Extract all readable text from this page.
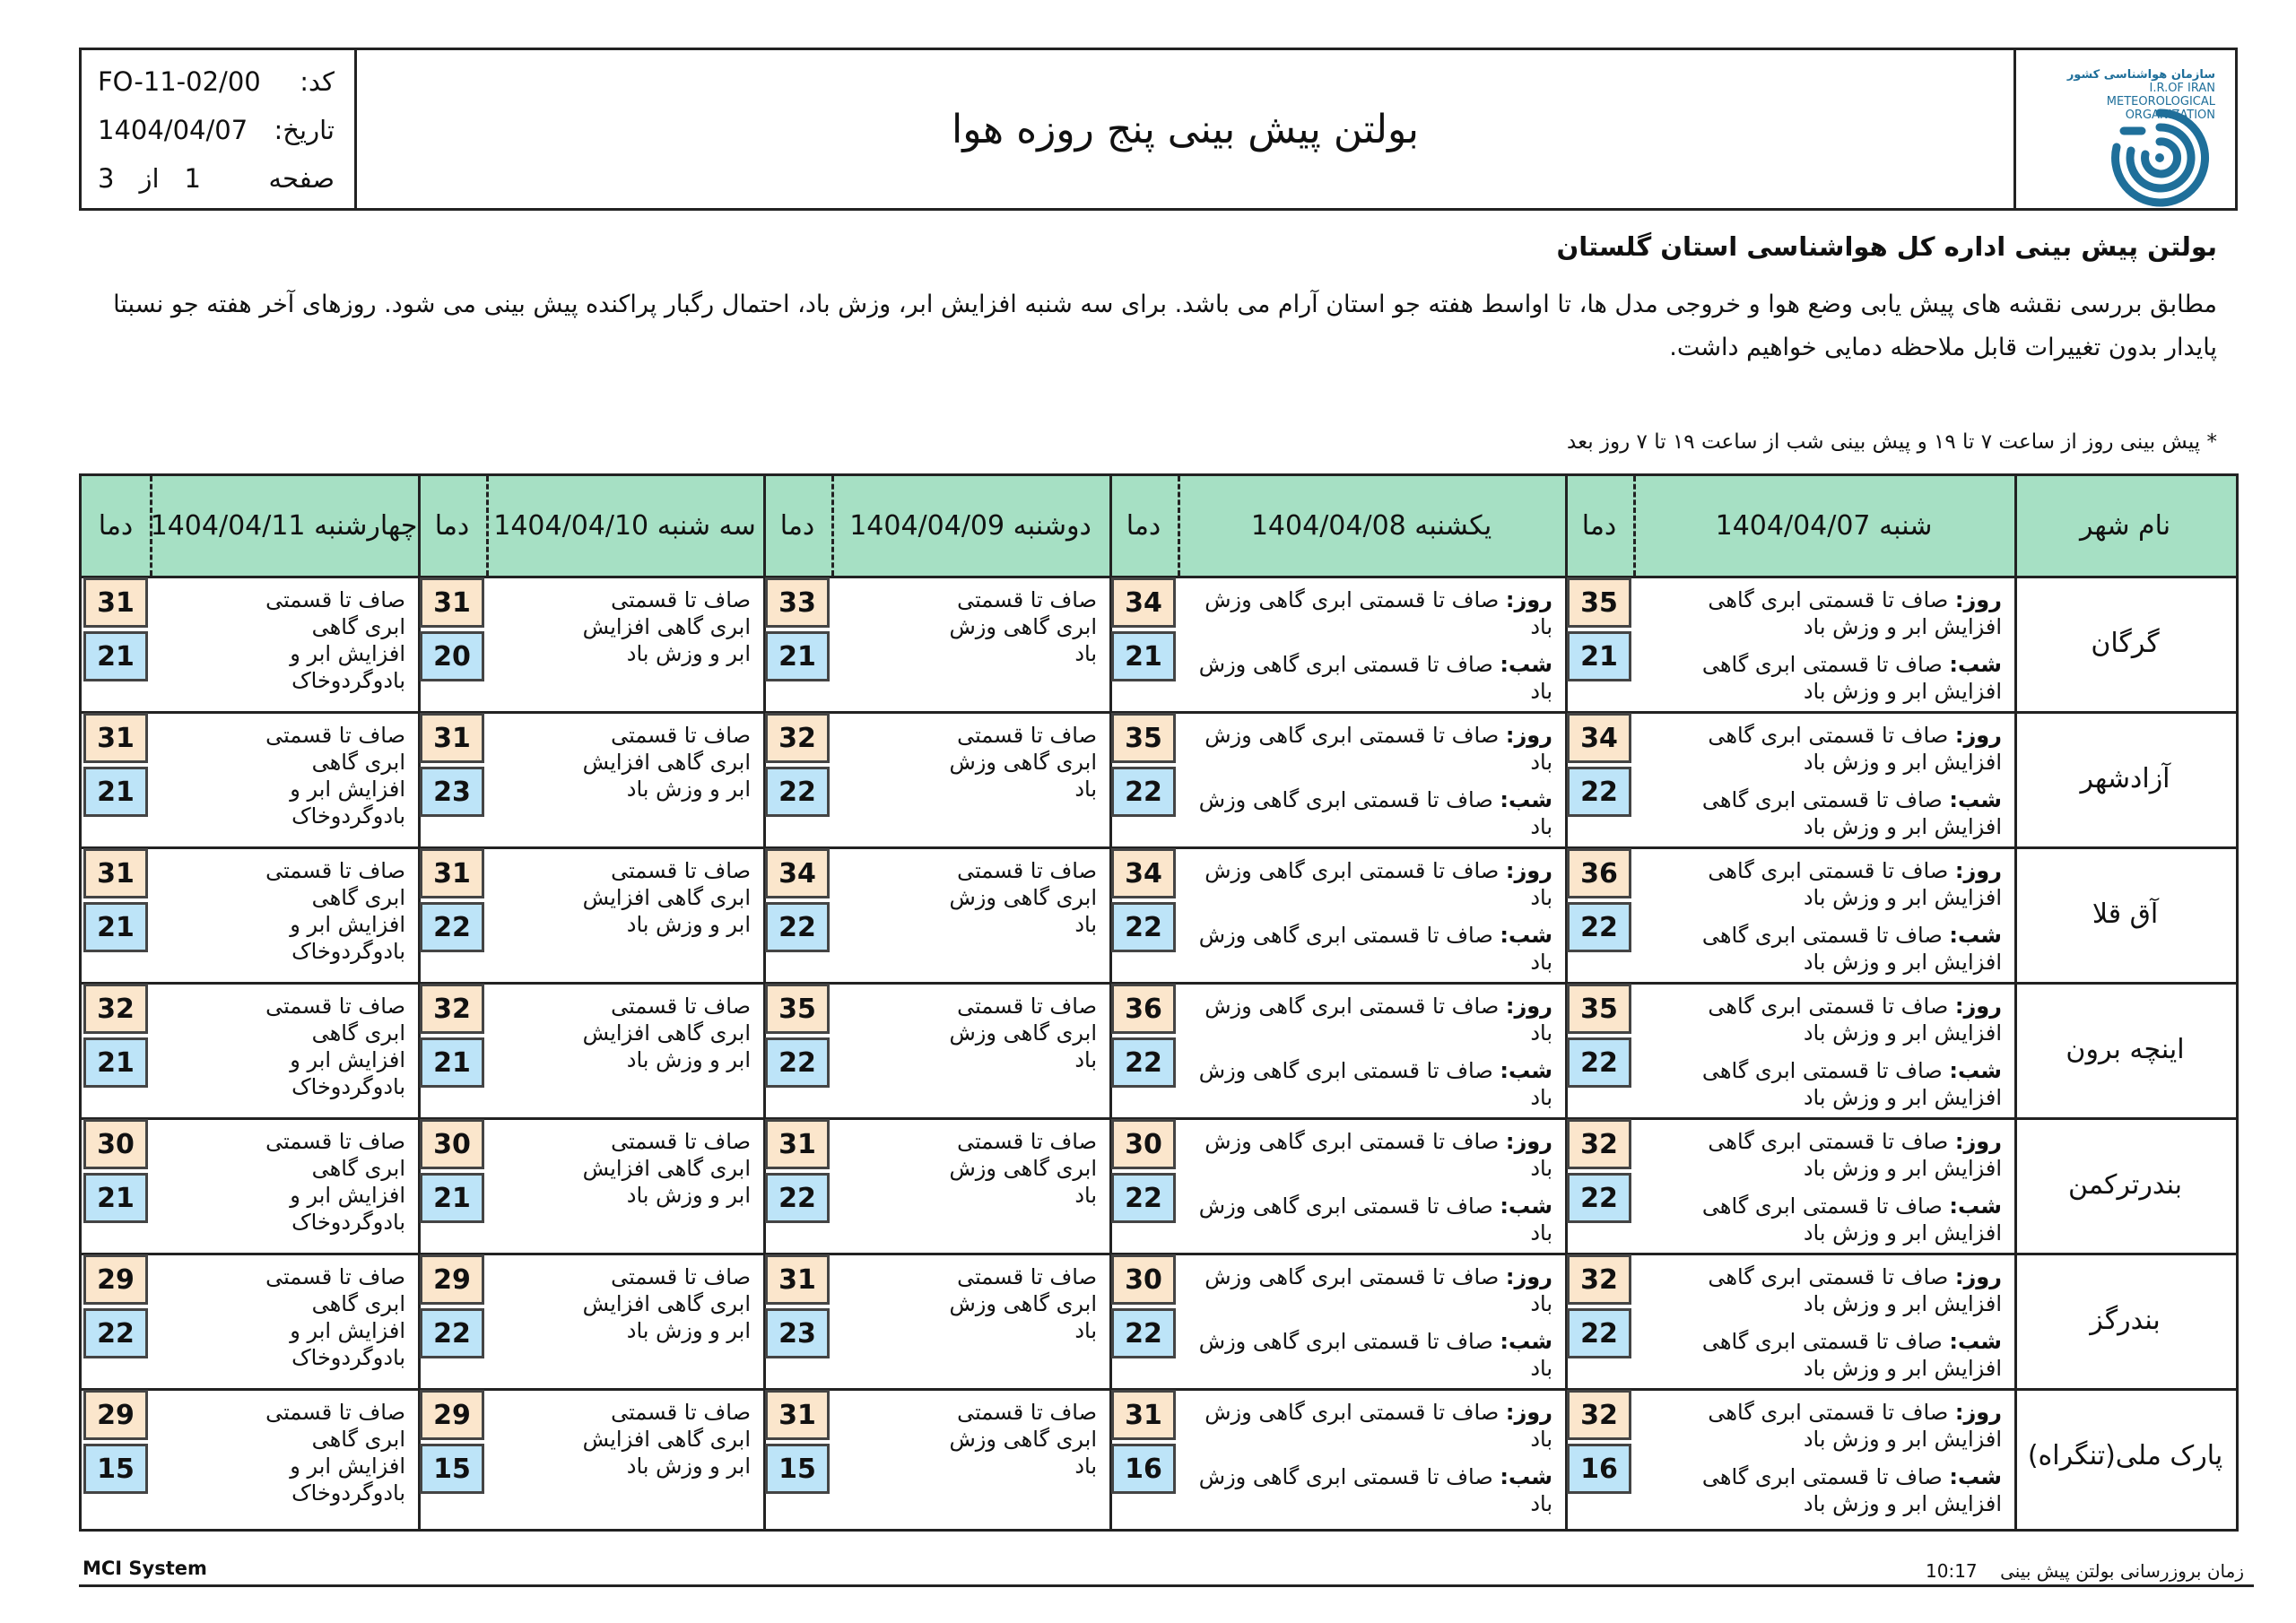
سازمان هواشناسی کشور
I.R.OF IRAN
METEOROLOGICAL
ORGANIZATION
بولتن پیش بینی پنج روزه هوا
کد:
FO-11-02/00
تاریخ:
1404/04/07
صفحه
1
از
3
بولتن پیش بینی اداره کل هواشناسی استان گلستان
مطابق بررسی نقشه های پیش یابی وضع هوا و خروجی مدل ها، تا اواسط هفته جو استان آرام می باشد. برای سه شنبه افزایش ابر، وزش باد، احتمال رگبار پراکنده پیش بینی می شود. روزهای آخر هفته جو نسبتا پایدار بدون تغییرات قابل ملاحظه دمایی خواهیم داشت.
* پیش بینی روز از ساعت ۷ تا ۱۹ و پیش بینی شب از ساعت ۱۹ تا ۷ روز بعد
نام شهر
شنبه 1404/04/07
دما
یکشنبه 1404/04/08
دما
دوشنبه 1404/04/09
دما
سه شنبه 1404/04/10
دما
چهارشنبه 1404/04/11
دما
گرگان
روز: صاف تا قسمتی ابری گاهی افزایش ابر و وزش باد
شب: صاف تا قسمتی ابری گاهی افزایش ابر و وزش باد
35
21
روز: صاف تا قسمتی ابری گاهی وزش باد
شب: صاف تا قسمتی ابری گاهی وزش باد
34
21
صاف تا قسمتی ابری گاهی وزش باد
33
21
صاف تا قسمتی ابری گاهی افزایش ابر و وزش باد
31
20
صاف تا قسمتی ابری گاهی افزایش ابر و بادوگردوخاک
31
21
آزادشهر
روز: صاف تا قسمتی ابری گاهی افزایش ابر و وزش باد
شب: صاف تا قسمتی ابری گاهی افزایش ابر و وزش باد
34
22
روز: صاف تا قسمتی ابری گاهی وزش باد
شب: صاف تا قسمتی ابری گاهی وزش باد
35
22
صاف تا قسمتی ابری گاهی وزش باد
32
22
صاف تا قسمتی ابری گاهی افزایش ابر و وزش باد
31
23
صاف تا قسمتی ابری گاهی افزایش ابر و بادوگردوخاک
31
21
آق قلا
روز: صاف تا قسمتی ابری گاهی افزایش ابر و وزش باد
شب: صاف تا قسمتی ابری گاهی افزایش ابر و وزش باد
36
22
روز: صاف تا قسمتی ابری گاهی وزش باد
شب: صاف تا قسمتی ابری گاهی وزش باد
34
22
صاف تا قسمتی ابری گاهی وزش باد
34
22
صاف تا قسمتی ابری گاهی افزایش ابر و وزش باد
31
22
صاف تا قسمتی ابری گاهی افزایش ابر و بادوگردوخاک
31
21
اینچه برون
روز: صاف تا قسمتی ابری گاهی افزایش ابر و وزش باد
شب: صاف تا قسمتی ابری گاهی افزایش ابر و وزش باد
35
22
روز: صاف تا قسمتی ابری گاهی وزش باد
شب: صاف تا قسمتی ابری گاهی وزش باد
36
22
صاف تا قسمتی ابری گاهی وزش باد
35
22
صاف تا قسمتی ابری گاهی افزایش ابر و وزش باد
32
21
صاف تا قسمتی ابری گاهی افزایش ابر و بادوگردوخاک
32
21
بندرترکمن
روز: صاف تا قسمتی ابری گاهی افزایش ابر و وزش باد
شب: صاف تا قسمتی ابری گاهی افزایش ابر و وزش باد
32
22
روز: صاف تا قسمتی ابری گاهی وزش باد
شب: صاف تا قسمتی ابری گاهی وزش باد
30
22
صاف تا قسمتی ابری گاهی وزش باد
31
22
صاف تا قسمتی ابری گاهی افزایش ابر و وزش باد
30
21
صاف تا قسمتی ابری گاهی افزایش ابر و بادوگردوخاک
30
21
بندرگز
روز: صاف تا قسمتی ابری گاهی افزایش ابر و وزش باد
شب: صاف تا قسمتی ابری گاهی افزایش ابر و وزش باد
32
22
روز: صاف تا قسمتی ابری گاهی وزش باد
شب: صاف تا قسمتی ابری گاهی وزش باد
30
22
صاف تا قسمتی ابری گاهی وزش باد
31
23
صاف تا قسمتی ابری گاهی افزایش ابر و وزش باد
29
22
صاف تا قسمتی ابری گاهی افزایش ابر و بادوگردوخاک
29
22
پارک ملی(تنگراه)
روز: صاف تا قسمتی ابری گاهی افزایش ابر و وزش باد
شب: صاف تا قسمتی ابری گاهی افزایش ابر و وزش باد
32
16
روز: صاف تا قسمتی ابری گاهی وزش باد
شب: صاف تا قسمتی ابری گاهی وزش باد
31
16
صاف تا قسمتی ابری گاهی وزش باد
31
15
صاف تا قسمتی ابری گاهی افزایش ابر و وزش باد
29
15
صاف تا قسمتی ابری گاهی افزایش ابر و بادوگردوخاک
29
15
MCI System	زمان بروزرسانی بولتن پیش بینی    10:17
